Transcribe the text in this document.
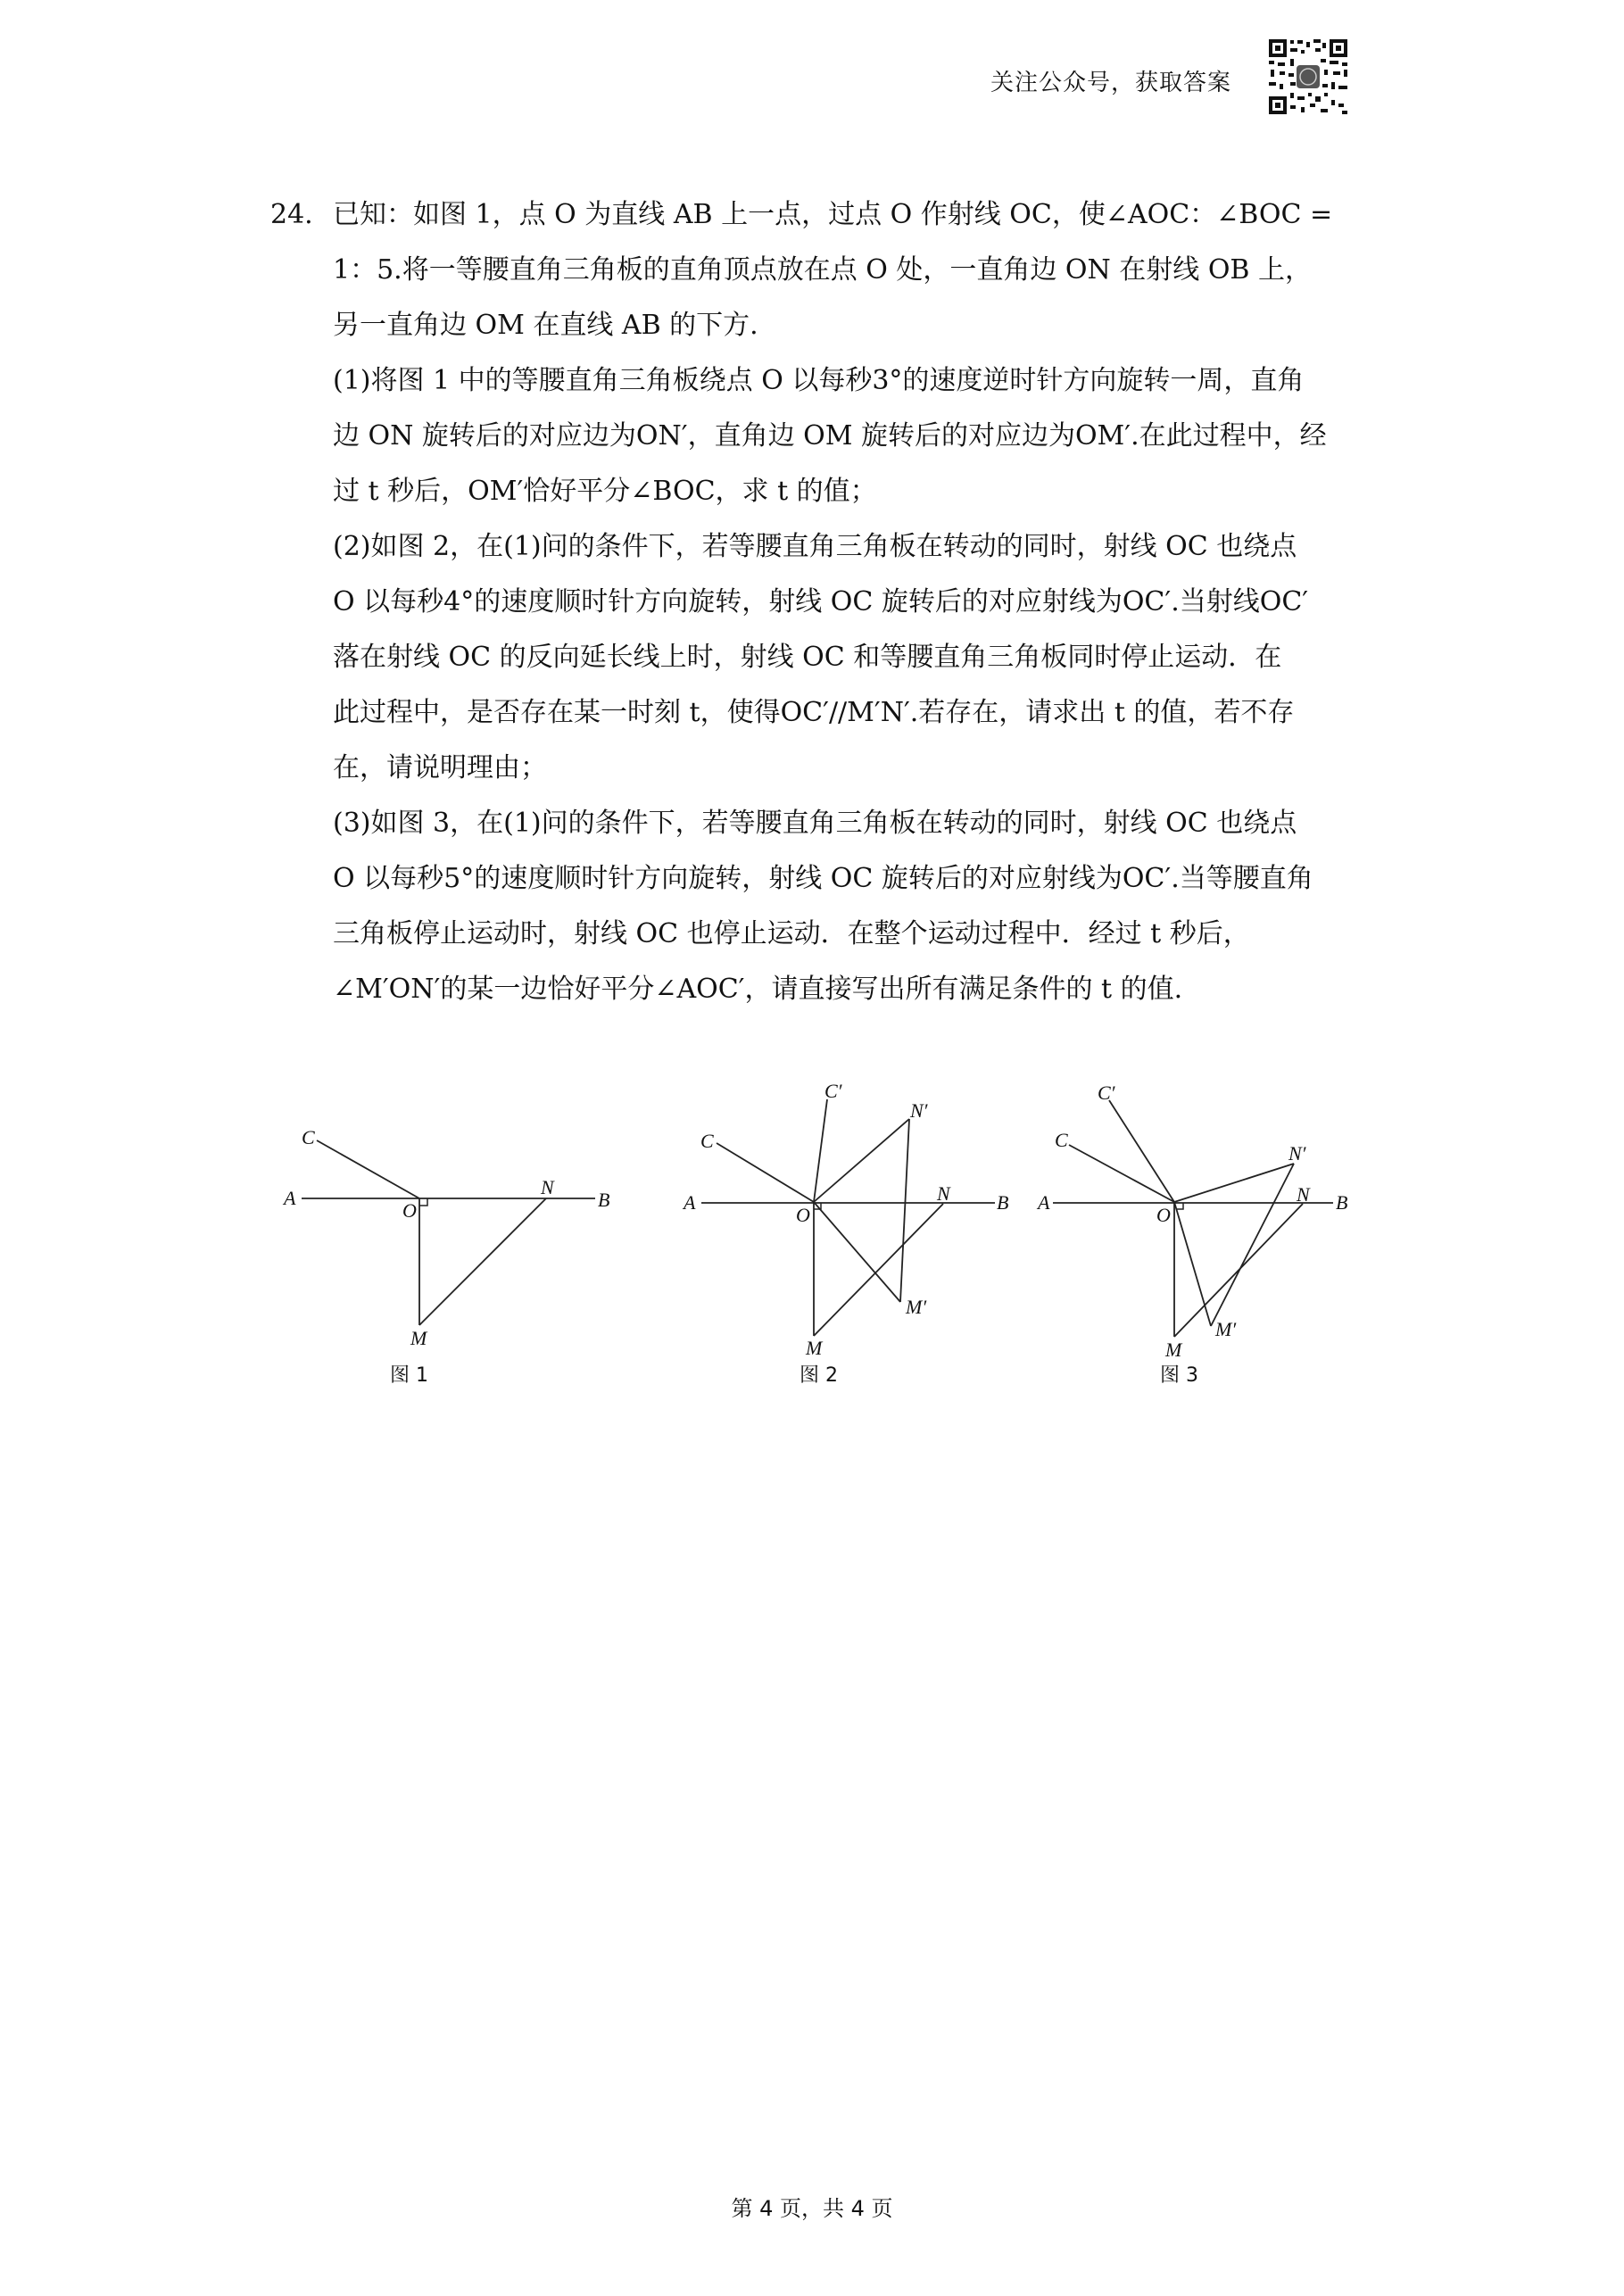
关注公众号，获取答案
24. 已知：如图 1，点 O 为直线 AB 上一点，过点 O 作射线 OC，使∠AOC：∠BOC =
1：5.将一等腰直角三角板的直角顶点放在点 O 处，一直角边 ON 在射线 OB 上，
另一直角边 OM 在直线 AB 的下方.
(1)将图 1 中的等腰直角三角板绕点 O 以每秒3°的速度逆时针方向旋转一周，直角
边 ON 旋转后的对应边为ON′，直角边 OM 旋转后的对应边为OM′.在此过程中，经
过 t 秒后，OM′恰好平分∠BOC，求 t 的值；
(2)如图 2，在(1)问的条件下，若等腰直角三角板在转动的同时，射线 OC 也绕点
O 以每秒4°的速度顺时针方向旋转，射线 OC 旋转后的对应射线为OC′.当射线OC′
落在射线 OC 的反向延长线上时，射线 OC 和等腰直角三角板同时停止运动．在
此过程中，是否存在某一时刻 t，使得OC′//M′N′.若存在，请求出 t 的值，若不存
在，请说明理由；
(3)如图 3，在(1)问的条件下，若等腰直角三角板在转动的同时，射线 OC 也绕点
O 以每秒5°的速度顺时针方向旋转，射线 OC 旋转后的对应射线为OC′.当等腰直角
三角板停止运动时，射线 OC 也停止运动．在整个运动过程中．经过 t 秒后，
∠M′ON′的某一边恰好平分∠AOC′，请直接写出所有满足条件的 t 的值.
A
C
O
N
B
M
图 1
A
C
C′
N′
N B
O
M′
M
图 2
A
C
C′
N′
N B
O
M′
M
图 3
第 4 页，共 4 页
